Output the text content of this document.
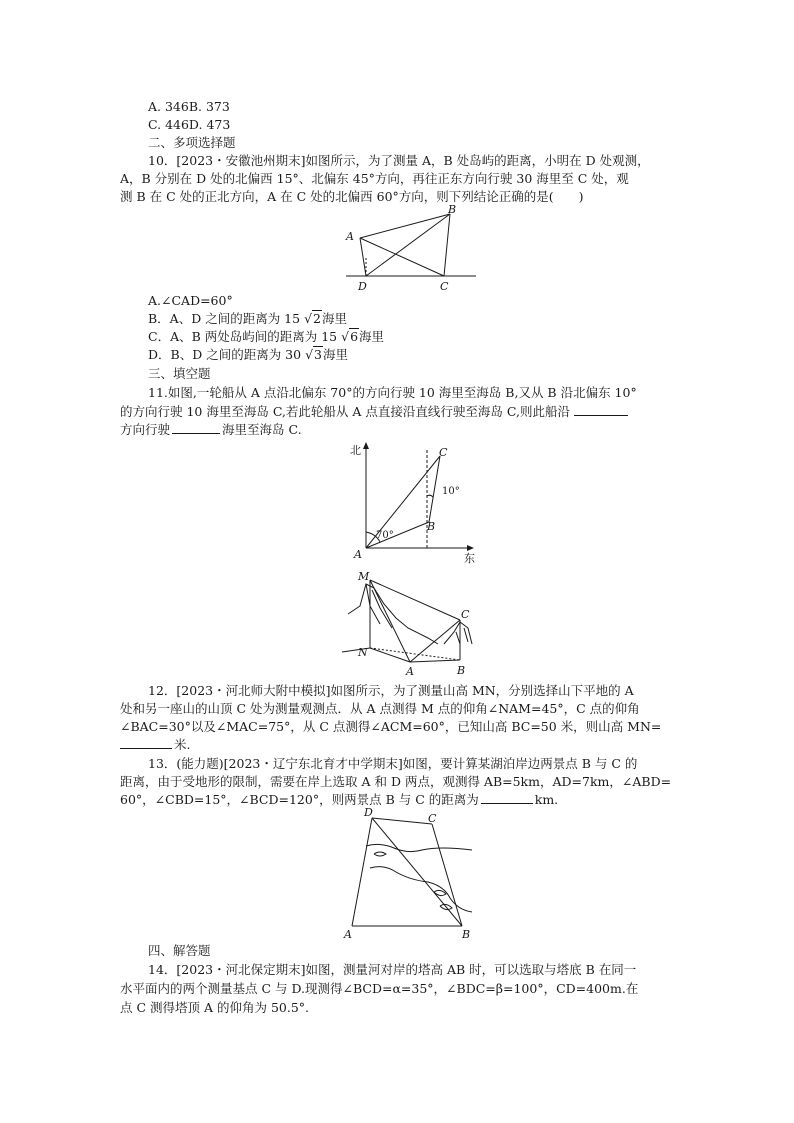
A. 346B. 373
C. 446D. 473
二、多项选择题
10．[2023・安徽池州期末]如图所示，为了测量 A，B 处岛屿的距离，小明在 D 处观测，
A，B 分别在 D 处的北偏西 15°、北偏东 45°方向，再往正东方向行驶 30 海里至 C 处，观
测 B 在 C 处的正北方向，A 在 C 处的北偏西 60°方向，则下列结论正确的是(　　)
A
B
C
D
A.∠CAD=60°
B．A、D 之间的距离为 15 √2海里
C．A、B 两处岛屿间的距离为 15 √6海里
D．B、D 之间的距离为 30 √3海里
三、填空题
11.如图,一轮船从 A 点沿北偏东 70°的方向行驶 10 海里至海岛 B,又从 B 沿北偏东 10°
的方向行驶 10 海里至海岛 C,若此轮船从 A 点直接沿直线行驶至海岛 C,则此船沿
方向行驶	海里至海岛 C.
北
东
A
B
C
70°
10°
M
N
A	B
C
12．[2023・河北师大附中模拟]如图所示，为了测量山高 MN，分别选择山下平地的 A
处和另一座山的山顶 C 处为测量观测点．从 A 点测得 M 点的仰角∠NAM=45°，C 点的仰角
∠BAC=30°以及∠MAC=75°，从 C 点测得∠ACM=60°，已知山高 BC=50 米，则山高 MN=
米.
13．(能力题)[2023・辽宁东北育才中学期末]如图，要计算某湖泊岸边两景点 B 与 C 的
距离，由于受地形的限制，需要在岸上选取 A 和 D 两点，观测得 AB=5km，AD=7km，∠ABD=
60°，∠CBD=15°，∠BCD=120°，则两景点 B 与 C 的距离为	km.
D	C
A	B
四、解答题
14．[2023・河北保定期末]如图，测量河对岸的塔高 AB 时，可以选取与塔底 B 在同一
水平面内的两个测量基点 C 与 D.现测得∠BCD=α=35°，∠BDC=β=100°，CD=400m.在
点 C 测得塔顶 A 的仰角为 50.5°.
